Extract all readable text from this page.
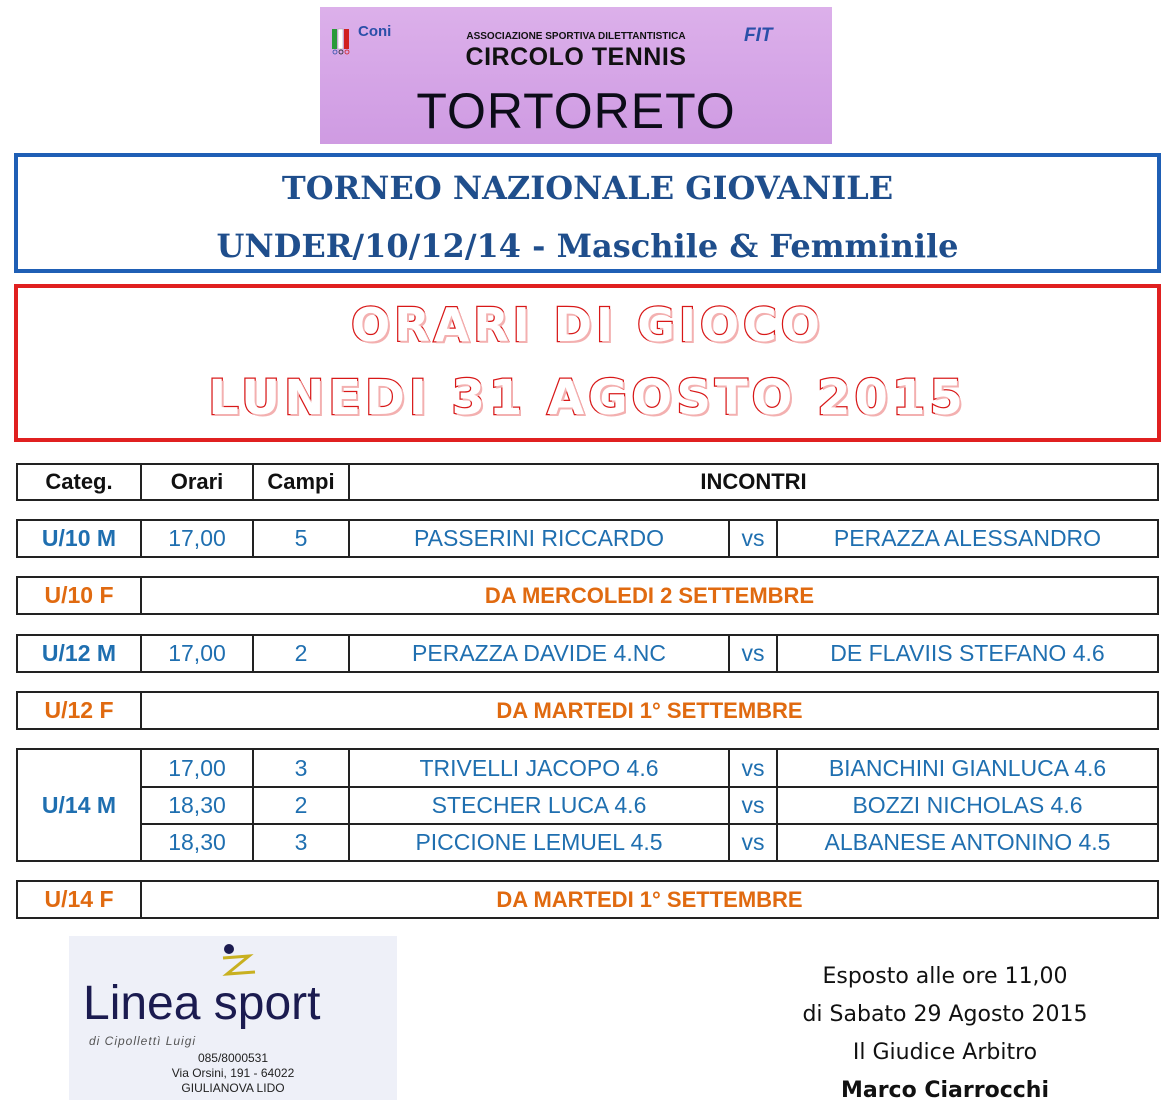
Coni	FIT
ASSOCIAZIONE SPORTIVA DILETTANTISTICA
CIRCOLO TENNIS
TORTORETO
TORNEO NAZIONALE GIOVANILE
UNDER/10/12/14 - Maschile & Femminile
ORARI DI GIOCO
LUNEDI 31 AGOSTO 2015
Categ.	Orari	Campi	INCONTRI
U/10 M	17,00	5	PASSERINI RICCARDO	vs	PERAZZA ALESSANDRO
U/10 F	DA MERCOLEDI 2 SETTEMBRE
U/12 M	17,00	2	PERAZZA DAVIDE 4.NC	vs	DE FLAVIIS STEFANO 4.6
U/12 F	DA MARTEDI 1° SETTEMBRE
U/14 M
17,00	3	TRIVELLI JACOPO 4.6	vs	BIANCHINI GIANLUCA 4.6
18,30	2	STECHER LUCA 4.6	vs	BOZZI NICHOLAS 4.6
18,30	3	PICCIONE LEMUEL 4.5	vs	ALBANESE ANTONINO 4.5
U/14 F	DA MARTEDI 1° SETTEMBRE
Linea sport
di Cipollettì Luigi
085/8000531
Via Orsini, 191 - 64022
GIULIANOVA LIDO
Esposto alle ore 11,00
di Sabato 29 Agosto 2015
Il Giudice Arbitro
Marco Ciarrocchi
